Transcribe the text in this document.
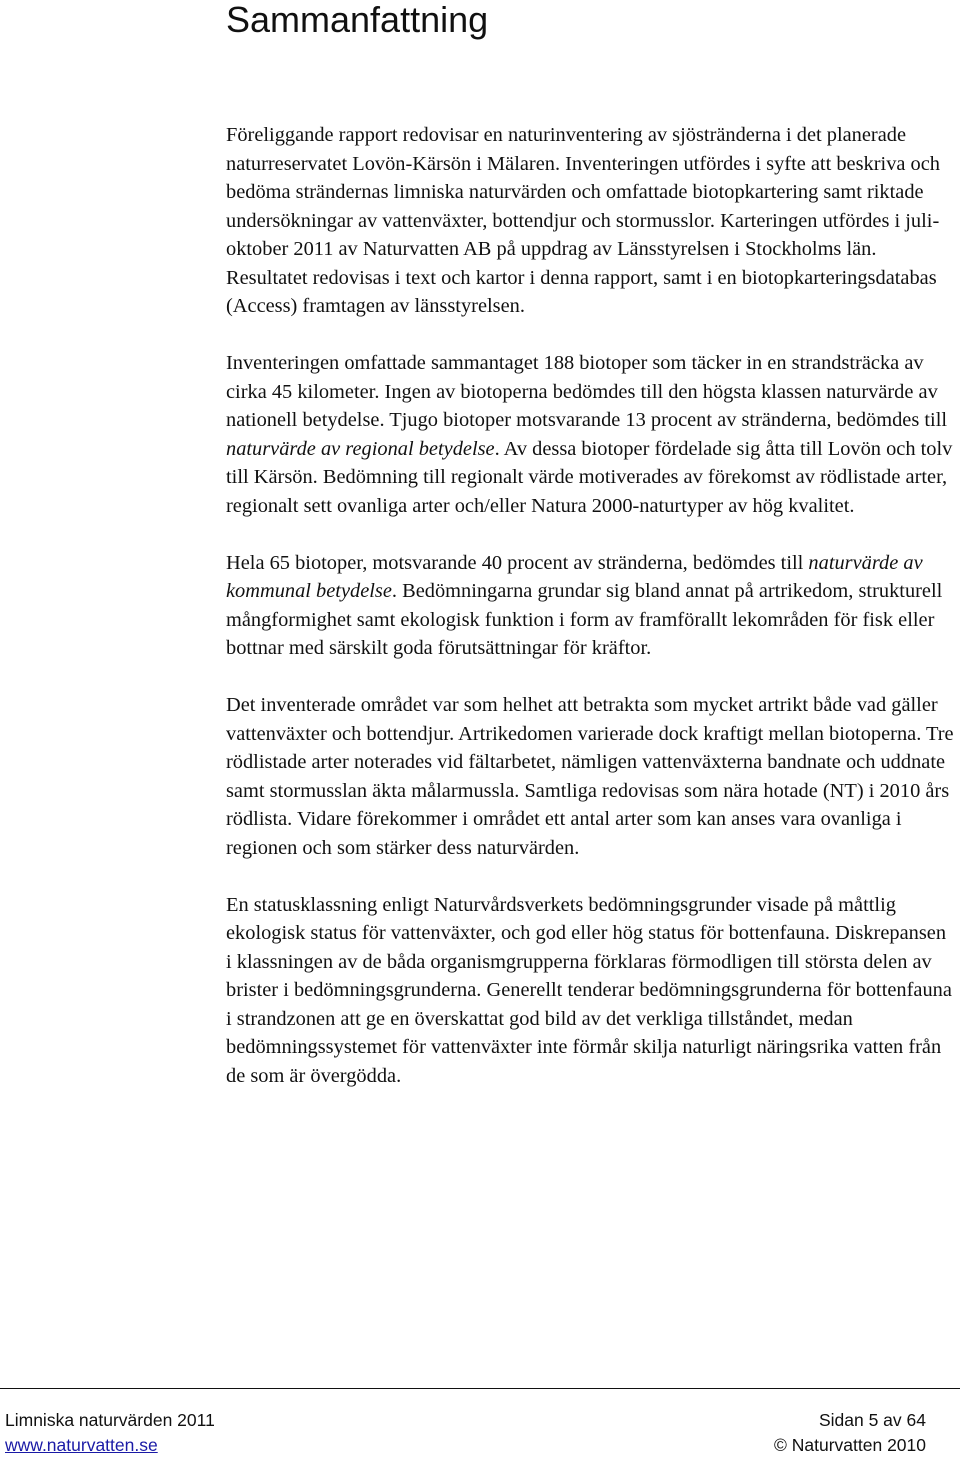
Sammanfattning

Föreliggande rapport redovisar en naturinventering av sjöstränderna i det planerade naturreservatet Lovön-Kärsön i Mälaren. Inventeringen utfördes i syfte att beskriva och bedöma strändernas limniska naturvärden och omfattade biotopkartering samt riktade undersökningar av vattenväxter, bottendjur och stormusslor. Karteringen utfördes i juli-oktober 2011 av Naturvatten AB på uppdrag av Länsstyrelsen i Stockholms län. Resultatet redovisas i text och kartor i denna rapport, samt i en biotopkarteringsdatabas (Access) framtagen av länsstyrelsen.

Inventeringen omfattade sammantaget 188 biotoper som täcker in en strandsträcka av cirka 45 kilometer. Ingen av biotoperna bedömdes till den högsta klassen naturvärde av nationell betydelse. Tjugo biotoper motsvarande 13 procent av stränderna, bedömdes till naturvärde av regional betydelse. Av dessa biotoper fördelade sig åtta till Lovön och tolv till Kärsön. Bedömning till regionalt värde motiverades av förekomst av rödlistade arter, regionalt sett ovanliga arter och/eller Natura 2000-naturtyper av hög kvalitet.

Hela 65 biotoper, motsvarande 40 procent av stränderna, bedömdes till naturvärde av kommunal betydelse. Bedömningarna grundar sig bland annat på artrikedom, strukturell mångformighet samt ekologisk funktion i form av framförallt lekområden för fisk eller bottnar med särskilt goda förutsättningar för kräftor.

Det inventerade området var som helhet att betrakta som mycket artrikt både vad gäller vattenväxter och bottendjur. Artrikedomen varierade dock kraftigt mellan biotoperna. Tre rödlistade arter noterades vid fältarbetet, nämligen vattenväxterna bandnate och uddnate samt stormusslan äkta målarmussla. Samtliga redovisas som nära hotade (NT) i 2010 års rödlista. Vidare förekommer i området ett antal arter som kan anses vara ovanliga i regionen och som stärker dess naturvärden.

En statusklassning enligt Naturvårdsverkets bedömningsgrunder visade på måttlig ekologisk status för vattenväxter, och god eller hög status för bottenfauna. Diskrepansen i klassningen av de båda organismgrupperna förklaras förmodligen till största delen av brister i bedömningsgrunderna. Generellt tenderar bedömningsgrunderna för bottenfauna i strandzonen att ge en överskattat god bild av det verkliga tillståndet, medan bedömningssystemet för vattenväxter inte förmår skilja naturligt näringsrika vatten från de som är övergödda.

Limniska naturvärden 2011	Sidan 5 av 64
www.naturvatten.se	© Naturvatten 2010
